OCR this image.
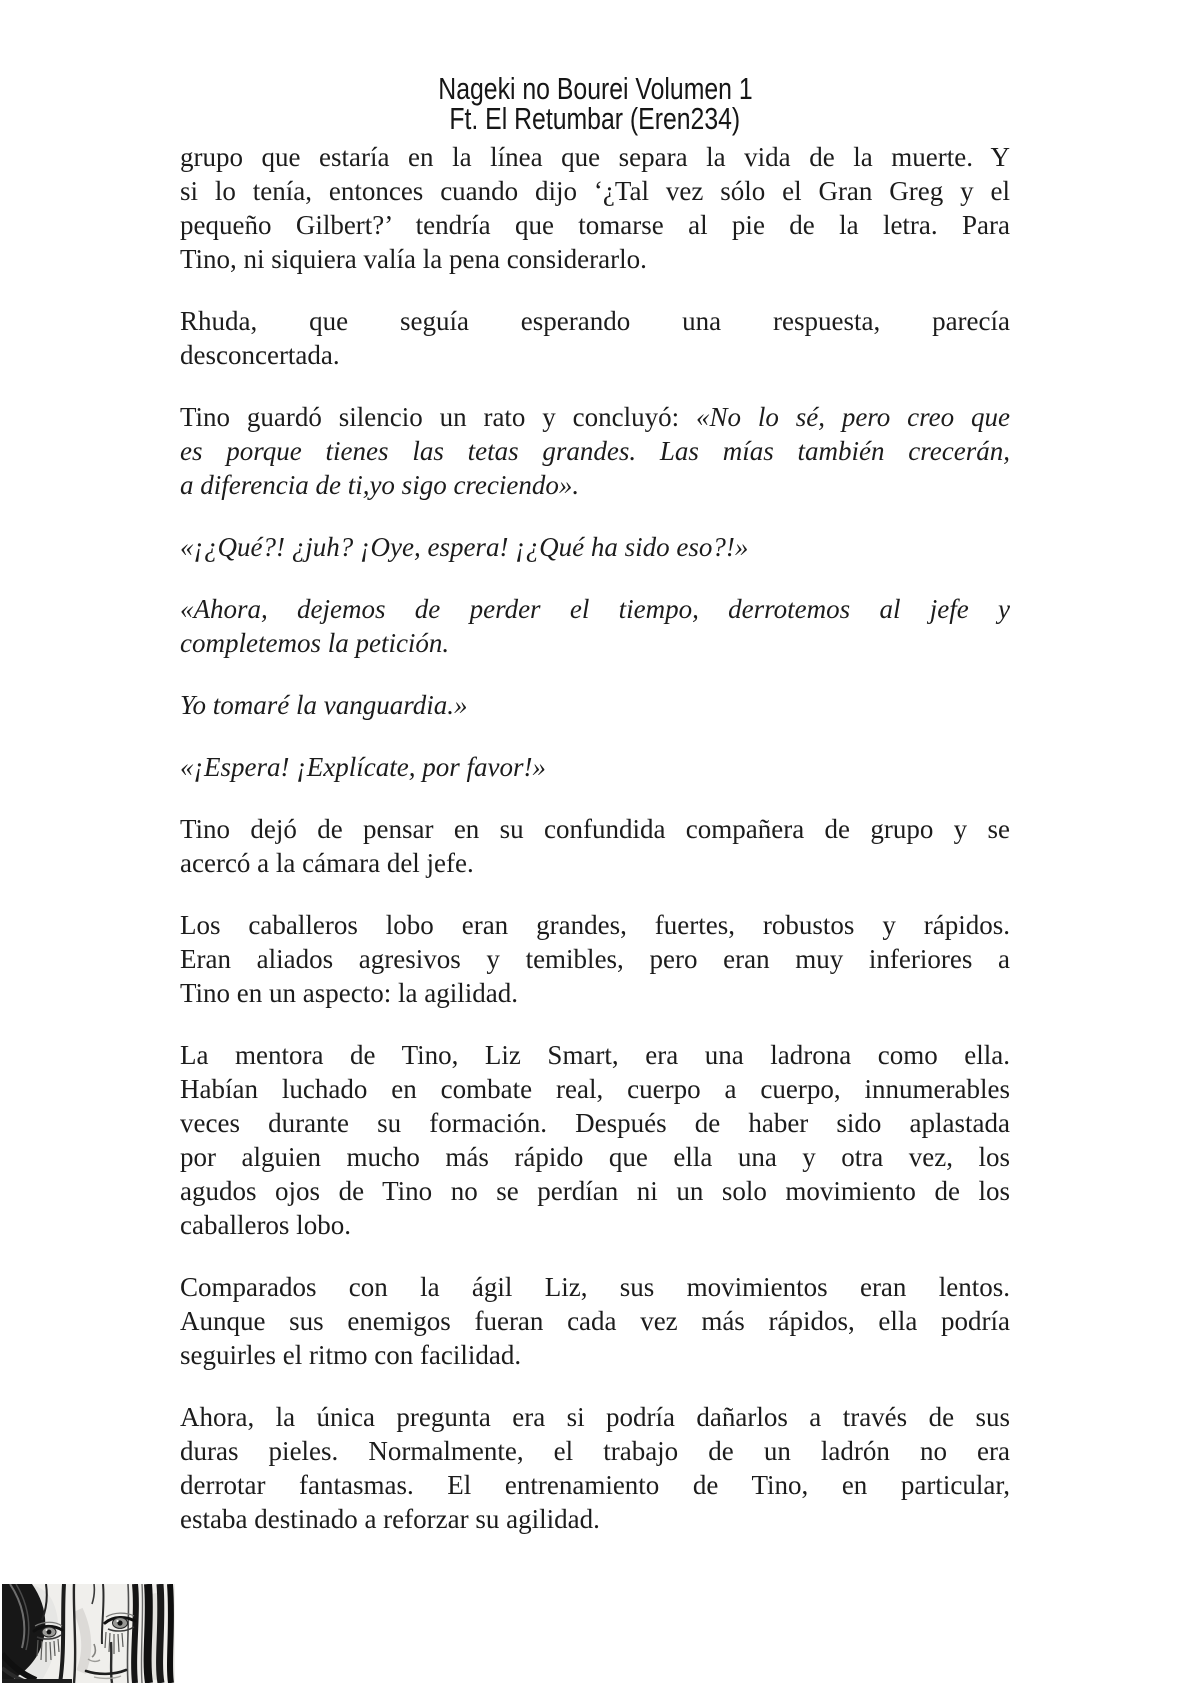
Nageki no Bourei Volumen 1
Ft. El Retumbar (Eren234)
grupo que estaría en la línea que separa la vida de la muerte. Y
si lo tenía, entonces cuando dijo ‘¿Tal vez sólo el Gran Greg y el
pequeño Gilbert?’ tendría que tomarse al pie de la letra. Para
Tino, ni siquiera valía la pena considerarlo.
Rhuda, que seguía esperando una respuesta, parecía
desconcertada.
Tino guardó silencio un rato y concluyó: «No lo sé, pero creo que
es porque tienes las tetas grandes. Las mías también crecerán,
a diferencia de ti,yo sigo creciendo».
«¡¿Qué?! ¿juh? ¡Oye, espera! ¡¿Qué ha sido eso?!»
«Ahora, dejemos de perder el tiempo, derrotemos al jefe y
completemos la petición.
Yo tomaré la vanguardia.»
«¡Espera! ¡Explícate, por favor!»
Tino dejó de pensar en su confundida compañera de grupo y se
acercó a la cámara del jefe.
Los caballeros lobo eran grandes, fuertes, robustos y rápidos.
Eran aliados agresivos y temibles, pero eran muy inferiores a
Tino en un aspecto: la agilidad.
La mentora de Tino, Liz Smart, era una ladrona como ella.
Habían luchado en combate real, cuerpo a cuerpo, innumerables
veces durante su formación. Después de haber sido aplastada
por alguien mucho más rápido que ella una y otra vez, los
agudos ojos de Tino no se perdían ni un solo movimiento de los
caballeros lobo.
Comparados con la ágil Liz, sus movimientos eran lentos.
Aunque sus enemigos fueran cada vez más rápidos, ella podría
seguirles el ritmo con facilidad.
Ahora, la única pregunta era si podría dañarlos a través de sus
duras pieles. Normalmente, el trabajo de un ladrón no era
derrotar fantasmas. El entrenamiento de Tino, en particular,
estaba destinado a reforzar su agilidad.
